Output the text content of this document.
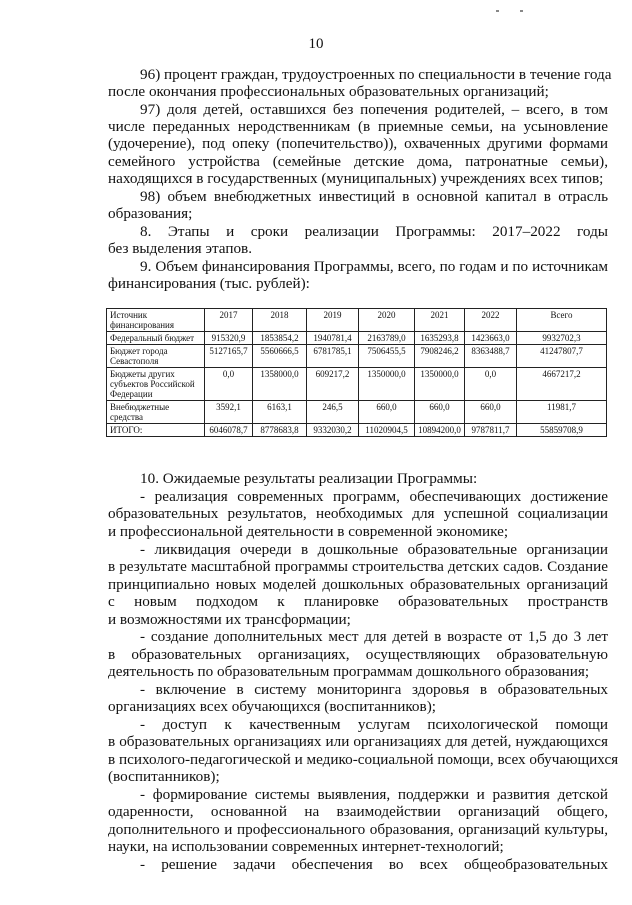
10
96) процент граждан, трудоустроенных по специальности в течение года
после окончания профессиональных образовательных организаций;
97) доля детей, оставшихся без попечения родителей, – всего, в том
числе переданных неродственникам (в приемные семьи, на усыновление
(удочерение), под опеку (попечительство)), охваченных другими формами
семейного устройства (семейные детские дома, патронатные семьи),
находящихся в государственных (муниципальных) учреждениях всех типов;
98) объем внебюджетных инвестиций в основной капитал в отрасль
образования;
8. Этапы и сроки реализации Программы: 2017–2022 годы
без выделения этапов.
9. Объем финансирования Программы, всего, по годам и по источникам
финансирования (тыс. рублей):
Источник финансирования	2017	2018	2019	2020	2021	2022	Всего
Федеральный бюджет	915320,9	1853854,2	1940781,4	2163789,0	1635293,8	1423663,0	9932702,3
Бюджет города Севастополя	5127165,7	5560666,5	6781785,1	7506455,5	7908246,2	8363488,7	41247807,7
Бюджеты других субъектов Российской Федерации	0,0	1358000,0	609217,2	1350000,0	1350000,0	0,0	4667217,2
Внебюджетные средства	3592,1	6163,1	246,5	660,0	660,0	660,0	11981,7
ИТОГО:	6046078,7	8778683,8	9332030,2	11020904,5	10894200,0	9787811,7	55859708,9
10. Ожидаемые результаты реализации Программы:
- реализация современных программ, обеспечивающих достижение
образовательных результатов, необходимых для успешной социализации
и профессиональной деятельности в современной экономике;
- ликвидация очереди в дошкольные образовательные организации
в результате масштабной программы строительства детских садов. Создание
принципиально новых моделей дошкольных образовательных организаций
с новым подходом к планировке образовательных пространств
и возможностями их трансформации;
- создание дополнительных мест для детей в возрасте от 1,5 до 3 лет
в образовательных организациях, осуществляющих образовательную
деятельность по образовательным программам дошкольного образования;
- включение в систему мониторинга здоровья в образовательных
организациях всех обучающихся (воспитанников);
- доступ к качественным услугам психологической помощи
в образовательных организациях или организациях для детей, нуждающихся
в психолого-педагогической и медико-социальной помощи, всех обучающихся
(воспитанников);
- формирование системы выявления, поддержки и развития детской
одаренности, основанной на взаимодействии организаций общего,
дополнительного и профессионального образования, организаций культуры,
науки, на использовании современных интернет-технологий;
- решение задачи обеспечения во всех общеобразовательных
